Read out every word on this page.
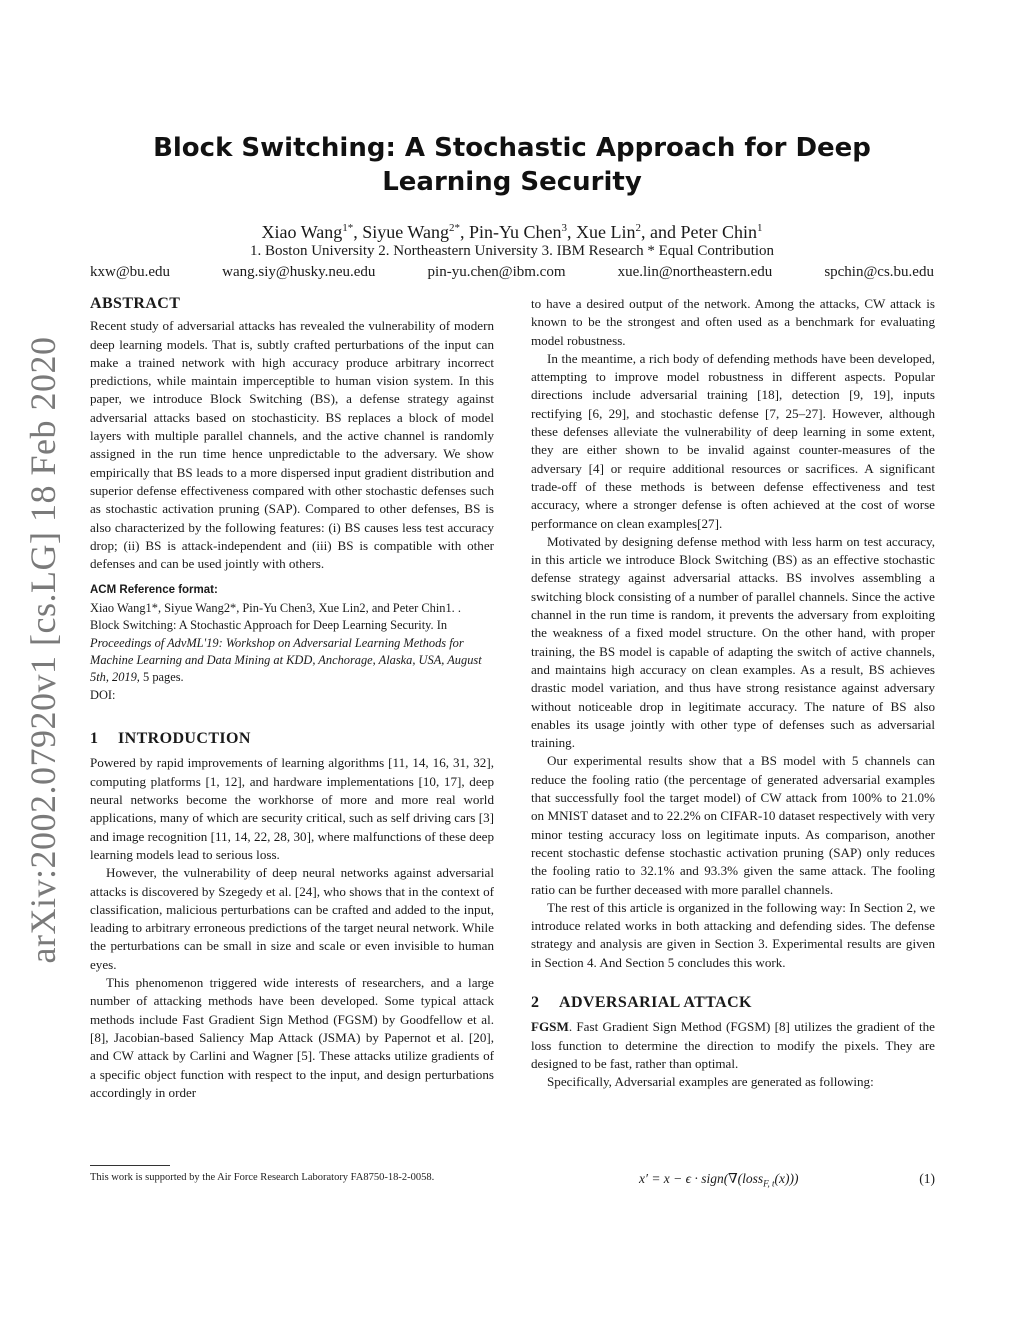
arXiv:2002.07920v1 [cs.LG] 18 Feb 2020
Block Switching: A Stochastic Approach for Deep Learning Security
Xiao Wang$^{1*}$, Siyue Wang$^{2*}$, Pin-Yu Chen$^3$, Xue Lin$^2$, and Peter Chin$^1$
1. Boston University 2. Northeastern University 3. IBM Research * Equal Contribution
kxw@bu.edu	wang.siy@husky.neu.edu	pin-yu.chen@ibm.com	xue.lin@northeastern.edu	spchin@cs.bu.edu
ABSTRACT

Recent study of adversarial attacks has revealed the vulnerability of modern deep learning models. That is, subtly crafted perturbations of the input can make a trained network with high accuracy produce arbitrary incorrect predictions, while maintain imperceptible to human vision system. In this paper, we introduce Block Switching (BS), a defense strategy against adversarial attacks based on stochasticity. BS replaces a block of model layers with multiple parallel channels, and the active channel is randomly assigned in the run time hence unpredictable to the adversary. We show empirically that BS leads to a more dispersed input gradient distribution and superior defense effectiveness compared with other stochastic defenses such as stochastic activation pruning (SAP). Compared to other defenses, BS is also characterized by the following features: (i) BS causes less test accuracy drop; (ii) BS is attack-independent and (iii) BS is compatible with other defenses and can be used jointly with others.

ACM Reference format:
Xiao Wang1*, Siyue Wang2*, Pin-Yu Chen3, Xue Lin2, and Peter Chin1. .
Block Switching: A Stochastic Approach for Deep Learning Security. In Proceedings of AdvML'19: Workshop on Adversarial Learning Methods for Machine Learning and Data Mining at KDD, Anchorage, Alaska, USA, August 5th, 2019, 5 pages.
DOI:
1 INTRODUCTION

Powered by rapid improvements of learning algorithms [11, 14, 16, 31, 32], computing platforms [1, 12], and hardware implementations [10, 17], deep neural networks become the workhorse of more and more real world applications, many of which are security critical, such as self driving cars [3] and image recognition [11, 14, 22, 28, 30], where malfunctions of these deep learning models lead to serious loss.

However, the vulnerability of deep neural networks against adversarial attacks is discovered by Szegedy et al. [24], who shows that in the context of classification, malicious perturbations can be crafted and added to the input, leading to arbitrary erroneous predictions of the target neural network. While the perturbations can be small in size and scale or even invisible to human eyes.

This phenomenon triggered wide interests of researchers, and a large number of attacking methods have been developed. Some typical attack methods include Fast Gradient Sign Method (FGSM) by Goodfellow et al. [8], Jacobian-based Saliency Map Attack (JSMA) by Papernot et al. [20], and CW attack by Carlini and Wagner [5]. These attacks utilize gradients of a specific object function with respect to the input, and design perturbations accordingly in order

This work is supported by the Air Force Research Laboratory FA8750-18-2-0058.

to have a desired output of the network. Among the attacks, CW attack is known to be the strongest and often used as a benchmark for evaluating model robustness.

In the meantime, a rich body of defending methods have been developed, attempting to improve model robustness in different aspects. Popular directions include adversarial training [18], detection [9, 19], inputs rectifying [6, 29], and stochastic defense [7, 25–27]. However, although these defenses alleviate the vulnerability of deep learning in some extent, they are either shown to be invalid against counter-measures of the adversary [4] or require additional resources or sacrifices. A significant trade-off of these methods is between defense effectiveness and test accuracy, where a stronger defense is often achieved at the cost of worse performance on clean examples[27].

Motivated by designing defense method with less harm on test accuracy, in this article we introduce Block Switching (BS) as an effective stochastic defense strategy against adversarial attacks. BS involves assembling a switching block consisting of a number of parallel channels. Since the active channel in the run time is random, it prevents the adversary from exploiting the weakness of a fixed model structure. On the other hand, with proper training, the BS model is capable of adapting the switch of active channels, and maintains high accuracy on clean examples. As a result, BS achieves drastic model variation, and thus have strong resistance against adversary without noticeable drop in legitimate accuracy. The nature of BS also enables its usage jointly with other type of defenses such as adversarial training.

Our experimental results show that a BS model with 5 channels can reduce the fooling ratio (the percentage of generated adversarial examples that successfully fool the target model) of CW attack from 100% to 21.0% on MNIST dataset and to 22.2% on CIFAR-10 dataset respectively with very minor testing accuracy loss on legitimate inputs. As comparison, another recent stochastic defense stochastic activation pruning (SAP) only reduces the fooling ratio to 32.1% and 93.3% given the same attack. The fooling ratio can be further deceased with more parallel channels.

The rest of this article is organized in the following way: In Section 2, we introduce related works in both attacking and defending sides. The defense strategy and analysis are given in Section 3. Experimental results are given in Section 4. And Section 5 concludes this work.

2 ADVERSARIAL ATTACK

FGSM. Fast Gradient Sign Method (FGSM) [8] utilizes the gradient of the loss function to determine the direction to modify the pixels. They are designed to be fast, rather than optimal.

Specifically, Adversarial examples are generated as following:

x′ = x − ϵ · sign(∇(loss$_{F, t}$(x)))	(1)
